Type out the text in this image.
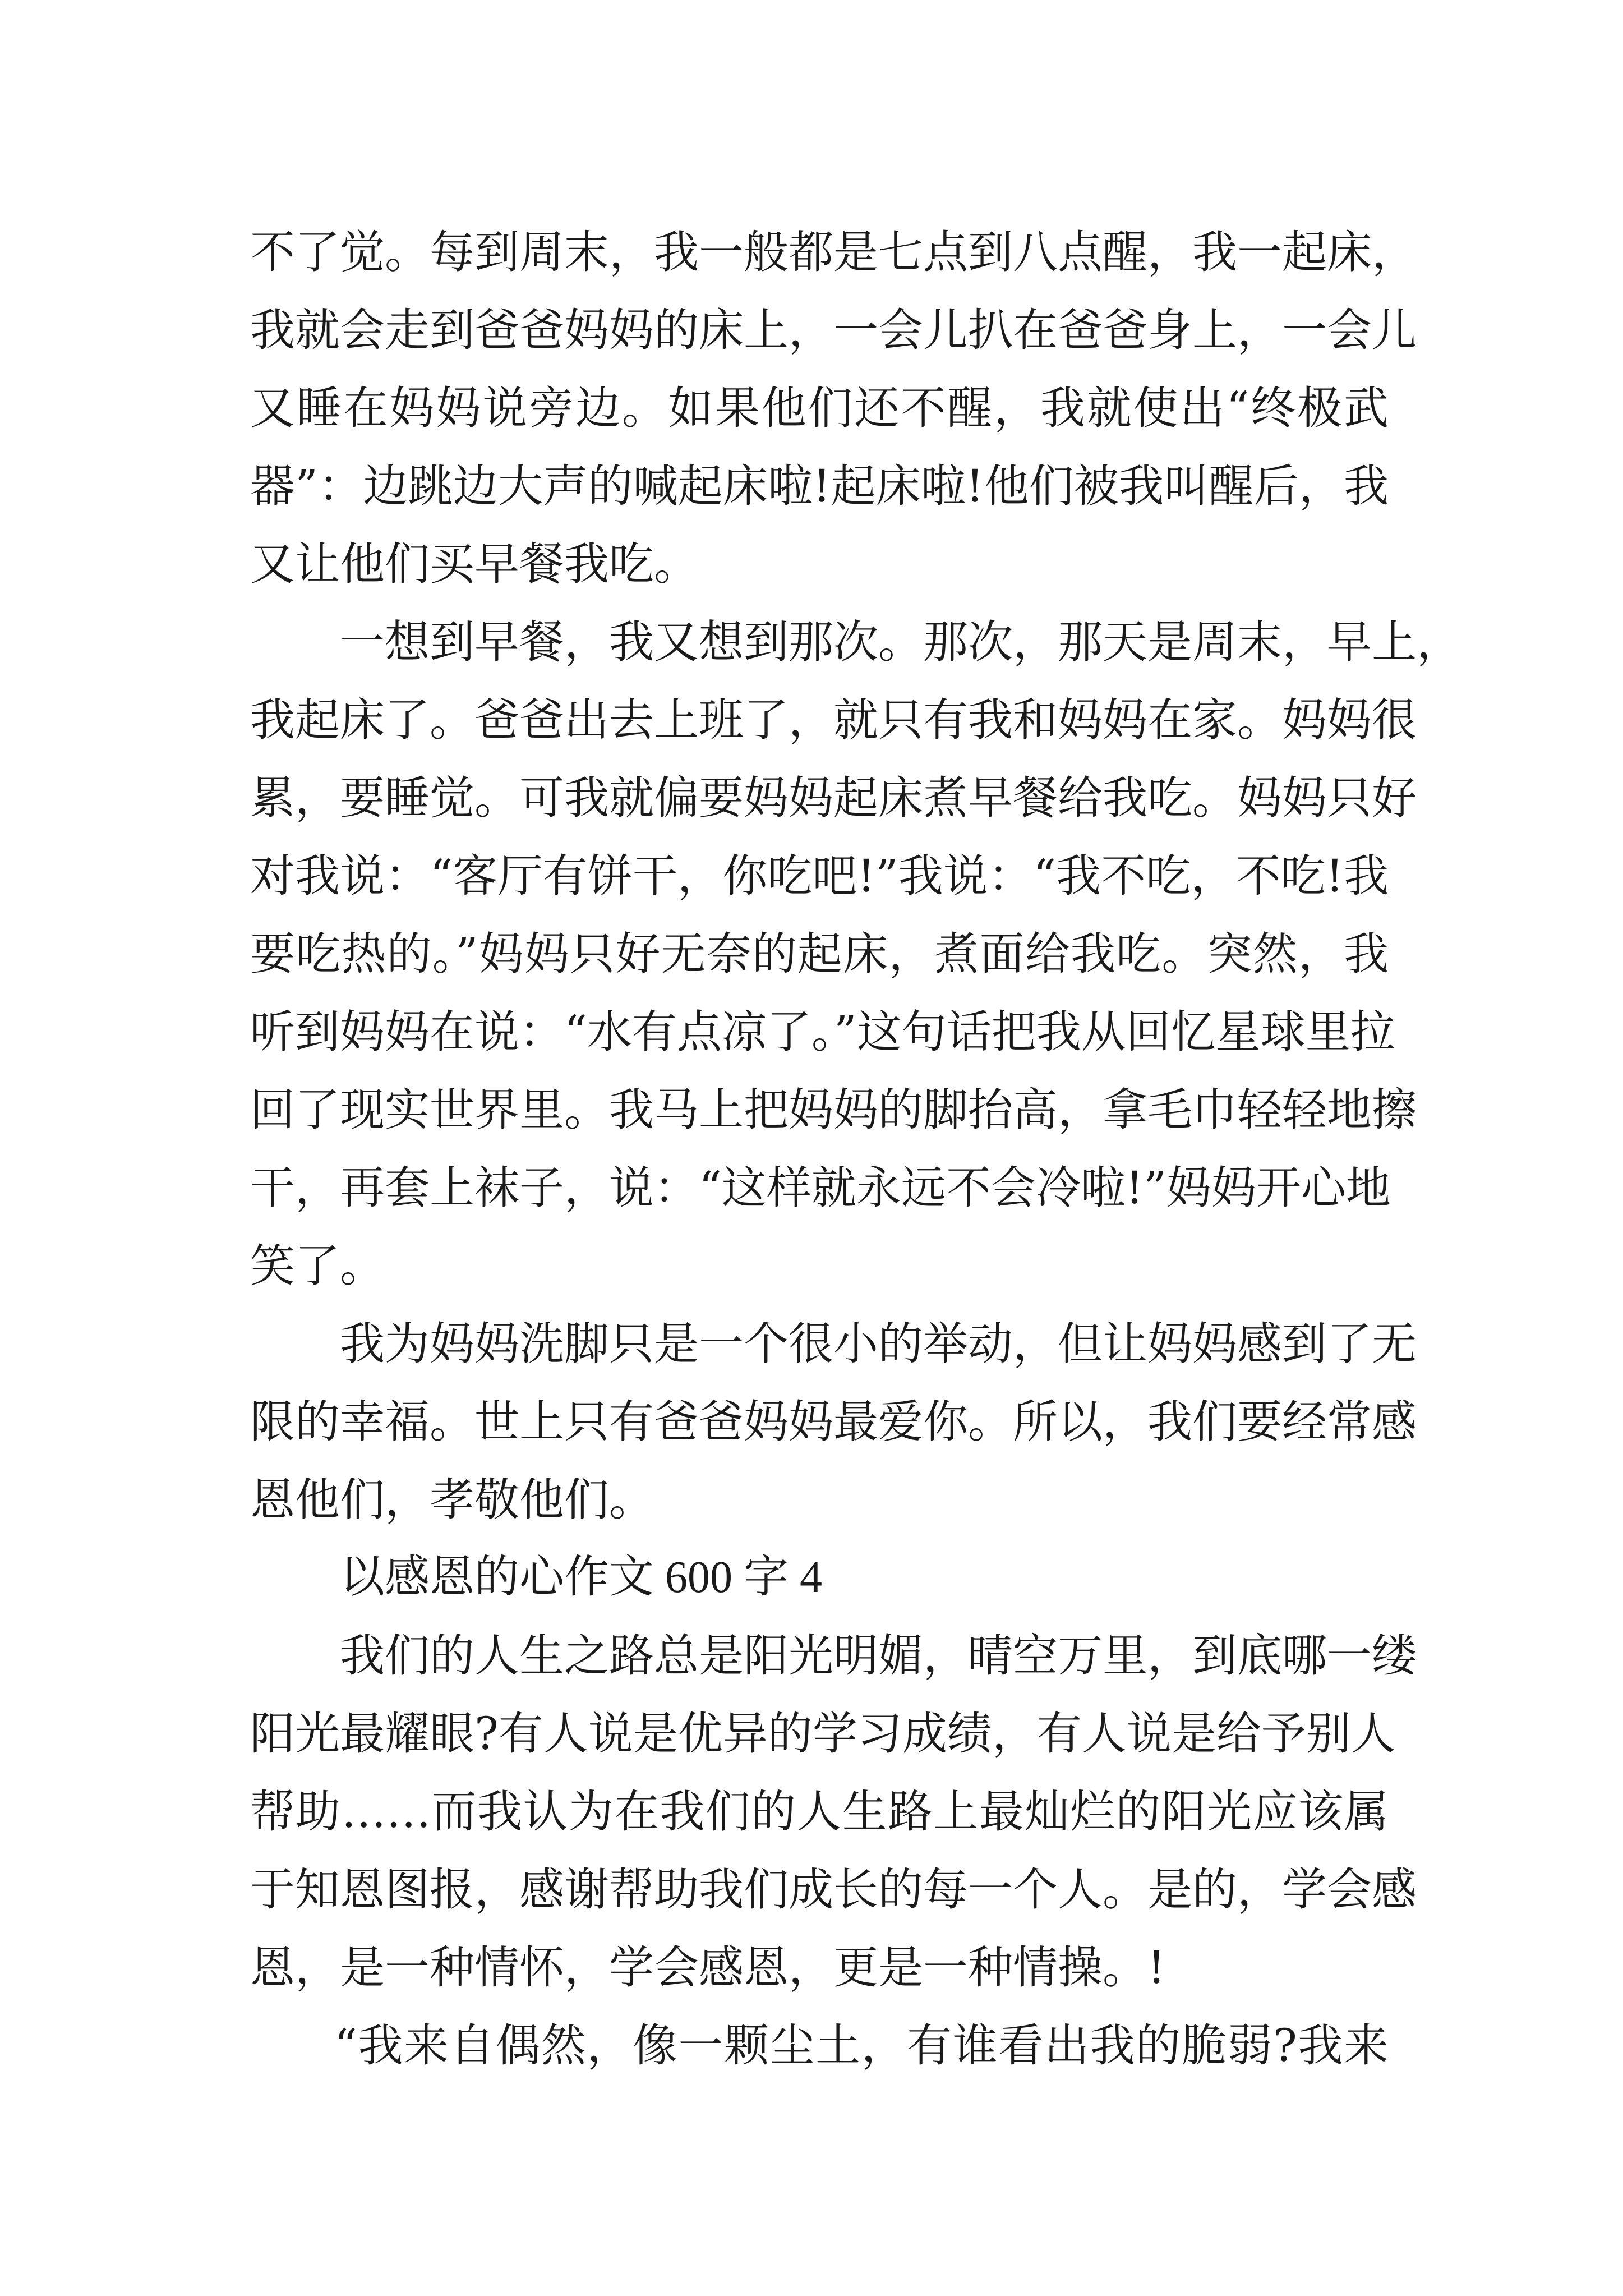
不了觉。每到周末，我一般都是七点到八点醒，我一起床，
我就会走到爸爸妈妈的床上，一会儿扒在爸爸身上，一会儿
又睡在妈妈说旁边。如果他们还不醒，我就使出“终极武
器”：边跳边大声的喊起床啦!起床啦!他们被我叫醒后，我
又让他们买早餐我吃。
一想到早餐，我又想到那次。那次，那天是周末，早上，
我起床了。爸爸出去上班了，就只有我和妈妈在家。妈妈很
累，要睡觉。可我就偏要妈妈起床煮早餐给我吃。妈妈只好
对我说：“客厅有饼干，你吃吧!”我说：“我不吃，不吃!我
要吃热的。”妈妈只好无奈的起床，煮面给我吃。突然，我
听到妈妈在说：“水有点凉了。”这句话把我从回忆星球里拉
回了现实世界里。我马上把妈妈的脚抬高，拿毛巾轻轻地擦
干，再套上袜子，说：“这样就永远不会冷啦!”妈妈开心地
笑了。
我为妈妈洗脚只是一个很小的举动，但让妈妈感到了无
限的幸福。世上只有爸爸妈妈最爱你。所以，我们要经常感
恩他们，孝敬他们。
以感恩的心作文 600 字 4
我们的人生之路总是阳光明媚，晴空万里，到底哪一缕
阳光最耀眼?有人说是优异的学习成绩，有人说是给予别人
帮助……而我认为在我们的人生路上最灿烂的阳光应该属
于知恩图报，感谢帮助我们成长的每一个人。是的，学会感
恩，是一种情怀，学会感恩，更是一种情操。!
“我来自偶然，像一颗尘土，有谁看出我的脆弱?我来
